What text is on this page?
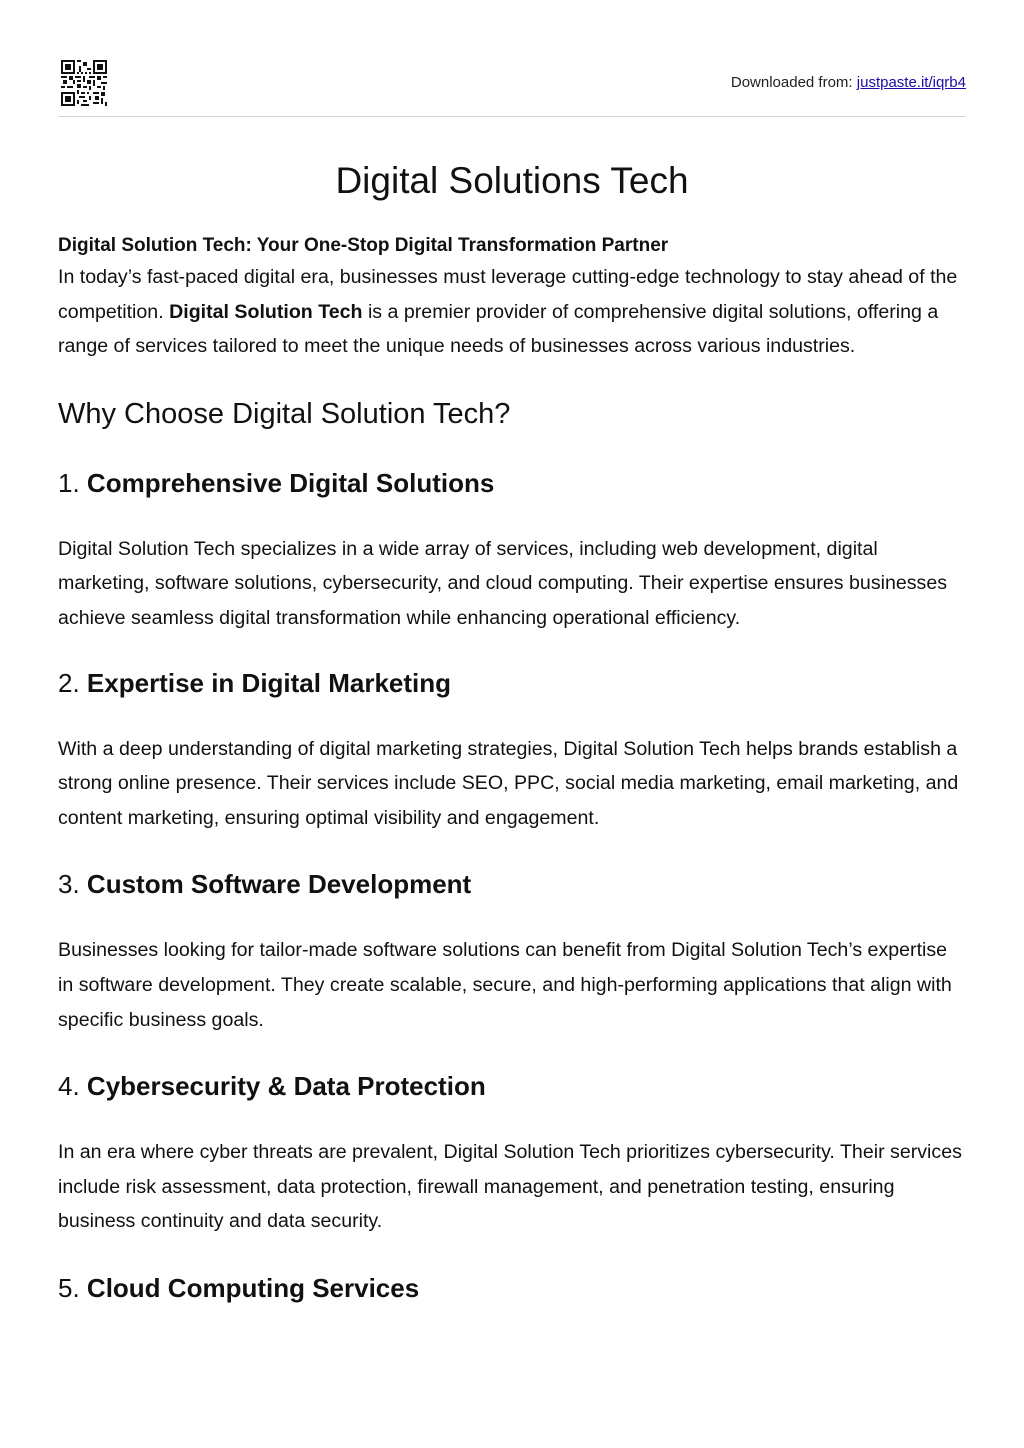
Downloaded from: justpaste.it/iqrb4
Digital Solutions Tech

Digital Solution Tech: Your One-Stop Digital Transformation Partner

In today’s fast-paced digital era, businesses must leverage cutting-edge technology to stay ahead of the competition. Digital Solution Tech is a premier provider of comprehensive digital solutions, offering a range of services tailored to meet the unique needs of businesses across various industries.

Why Choose Digital Solution Tech?
1. Comprehensive Digital Solutions

Digital Solution Tech specializes in a wide array of services, including web development, digital marketing, software solutions, cybersecurity, and cloud computing. Their expertise ensures businesses achieve seamless digital transformation while enhancing operational efficiency.

2. Expertise in Digital Marketing

With a deep understanding of digital marketing strategies, Digital Solution Tech helps brands establish a strong online presence. Their services include SEO, PPC, social media marketing, email marketing, and content marketing, ensuring optimal visibility and engagement.

3. Custom Software Development

Businesses looking for tailor-made software solutions can benefit from Digital Solution Tech’s expertise in software development. They create scalable, secure, and high-performing applications that align with specific business goals.

4. Cybersecurity & Data Protection

In an era where cyber threats are prevalent, Digital Solution Tech prioritizes cybersecurity. Their services include risk assessment, data protection, firewall management, and penetration testing, ensuring business continuity and data security.

5. Cloud Computing Services
